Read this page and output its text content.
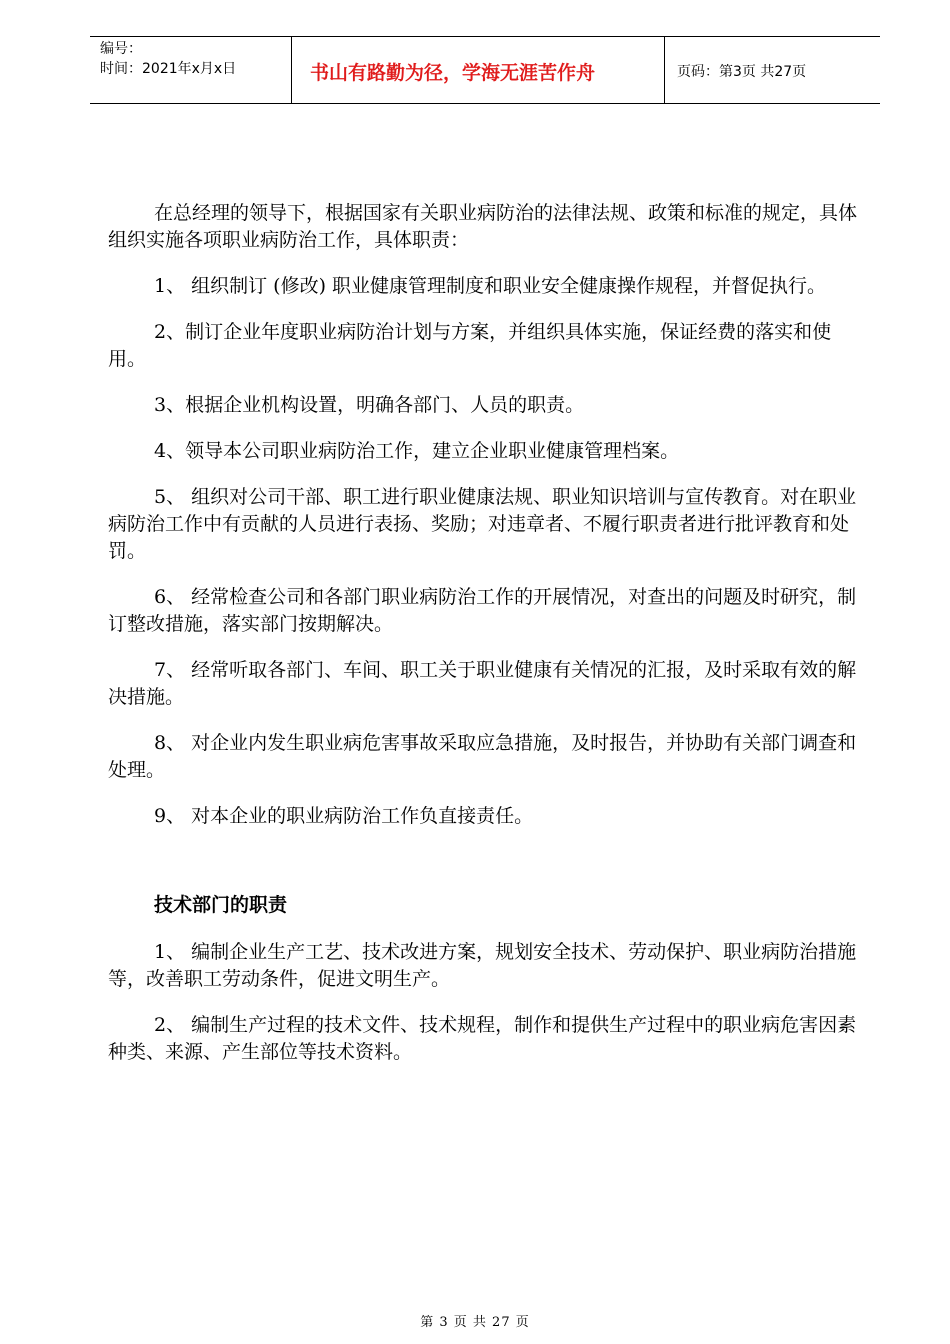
编号：
时间：2021年x月x日	书山有路勤为径，学海无涯苦作舟	页码：第3页 共27页

在总经理的领导下，根据国家有关职业病防治的法律法规、政策和标准的规定，具体组织实施各项职业病防治工作，具体职责：

1、 组织制订 (修改) 职业健康管理制度和职业安全健康操作规程，并督促执行。

2、制订企业年度职业病防治计划与方案，并组织具体实施，保证经费的落实和使用。

3、根据企业机构设置，明确各部门、人员的职责。

4、领导本公司职业病防治工作，建立企业职业健康管理档案。

5、 组织对公司干部、职工进行职业健康法规、职业知识培训与宣传教育。对在职业病防治工作中有贡献的人员进行表扬、奖励；对违章者、不履行职责者进行批评教育和处罚。

6、 经常检查公司和各部门职业病防治工作的开展情况，对查出的问题及时研究，制订整改措施，落实部门按期解决。

7、 经常听取各部门、车间、职工关于职业健康有关情况的汇报，及时采取有效的解决措施。

8、 对企业内发生职业病危害事故采取应急措施，及时报告，并协助有关部门调查和处理。

9、 对本企业的职业病防治工作负直接责任。

技术部门的职责

1、 编制企业生产工艺、技术改进方案，规划安全技术、劳动保护、职业病防治措施等，改善职工劳动条件，促进文明生产。

2、 编制生产过程的技术文件、技术规程，制作和提供生产过程中的职业病危害因素种类、来源、产生部位等技术资料。

第 3 页 共 27 页
